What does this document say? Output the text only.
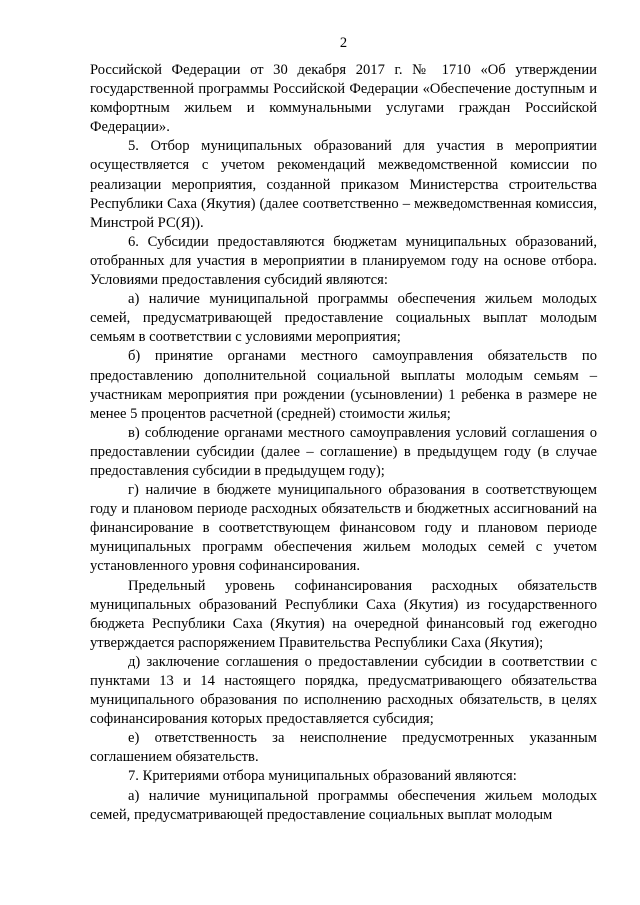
2

Российской Федерации от 30 декабря 2017 г. № 1710 «Об утверждении государственной программы Российской Федерации «Обеспечение доступным и комфортным жильем и коммунальными услугами граждан Российской Федерации».

5. Отбор муниципальных образований для участия в мероприятии осуществляется с учетом рекомендаций межведомственной комиссии по реализации мероприятия, созданной приказом Министерства строительства Республики Саха (Якутия) (далее соответственно – межведомственная комиссия, Минстрой РС(Я)).

6. Субсидии предоставляются бюджетам муниципальных образований, отобранных для участия в мероприятии в планируемом году на основе отбора. Условиями предоставления субсидий являются:

а) наличие муниципальной программы обеспечения жильем молодых семей, предусматривающей предоставление социальных выплат молодым семьям в соответствии с условиями мероприятия;

б) принятие органами местного самоуправления обязательств по предоставлению дополнительной социальной выплаты молодым семьям – участникам мероприятия при рождении (усыновлении) 1 ребенка в размере не менее 5 процентов расчетной (средней) стоимости жилья;

в) соблюдение органами местного самоуправления условий соглашения о предоставлении субсидии (далее – соглашение) в предыдущем году (в случае предоставления субсидии в предыдущем году);

г) наличие в бюджете муниципального образования в соответствующем году и плановом периоде расходных обязательств и бюджетных ассигнований на финансирование в соответствующем финансовом году и плановом периоде муниципальных программ обеспечения жильем молодых семей с учетом установленного уровня софинансирования.

Предельный уровень софинансирования расходных обязательств муниципальных образований Республики Саха (Якутия) из государственного бюджета Республики Саха (Якутия) на очередной финансовый год ежегодно утверждается распоряжением Правительства Республики Саха (Якутия);

д) заключение соглашения о предоставлении субсидии в соответствии с пунктами 13 и 14 настоящего порядка, предусматривающего обязательства муниципального образования по исполнению расходных обязательств, в целях софинансирования которых предоставляется субсидия;

е) ответственность за неисполнение предусмотренных указанным соглашением обязательств.

7. Критериями отбора муниципальных образований являются:

а) наличие муниципальной программы обеспечения жильем молодых семей, предусматривающей предоставление социальных выплат молодым
